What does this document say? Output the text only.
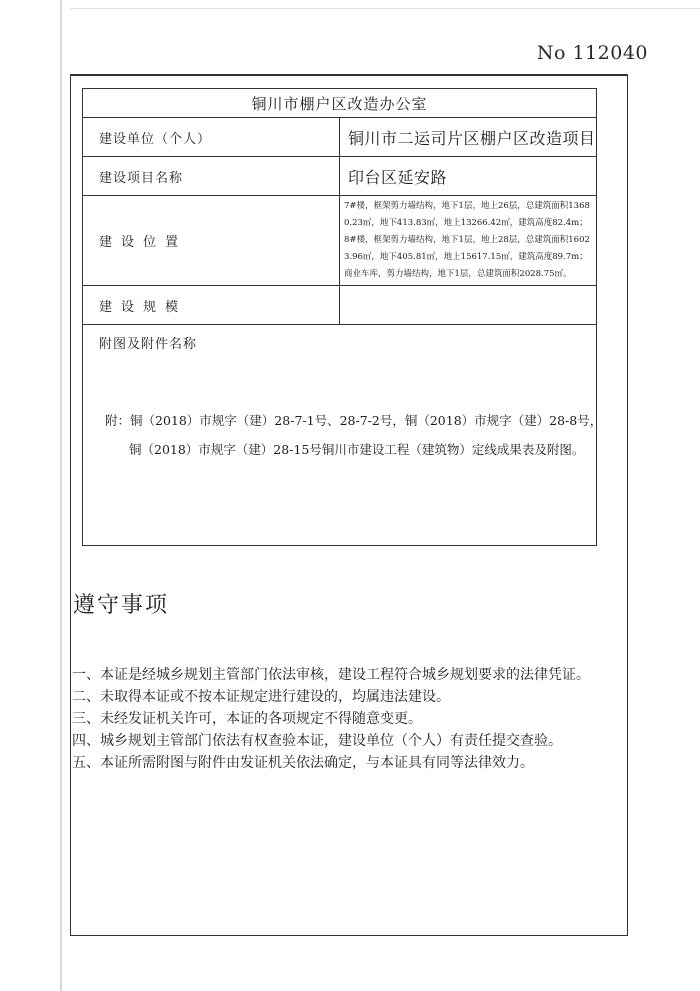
No 112040
铜川市棚户区改造办公室	
建设单位（个人）	铜川市二运司片区棚户区改造项目
建设项目名称	印台区延安路
建设位置	7#楼，框架剪力墙结构，地下1层，地上26层，总建筑面积13680.23㎡，地下413.83㎡，地上13266.42㎡，建筑高度82.4m；8#楼，框架剪力墙结构，地下1层，地上28层，总建筑面积16023.96㎡，地下405.81㎡，地上15617.15㎡，建筑高度89.7m；商业车库，剪力墙结构，地下1层，总建筑面积2028.75㎡。
建设规模	

附图及附件名称
附：铜（2018）市规字（建）28-7-1号、28-7-2号，铜（2018）市规字（建）28-8号，
铜（2018）市规字（建）28-15号铜川市建设工程（建筑物）定线成果表及附图。	
遵守事项
一、 本证是经城乡规划主管部门依法审核，建设工程符合城乡规划要求的法律凭证。
二、 未取得本证或不按本证规定进行建设的，均属违法建设。
三、 未经发证机关许可，本证的各项规定不得随意变更。
四、 城乡规划主管部门依法有权查验本证，建设单位（个人）有责任提交查验。
五、 本证所需附图与附件由发证机关依法确定，与本证具有同等法律效力。
